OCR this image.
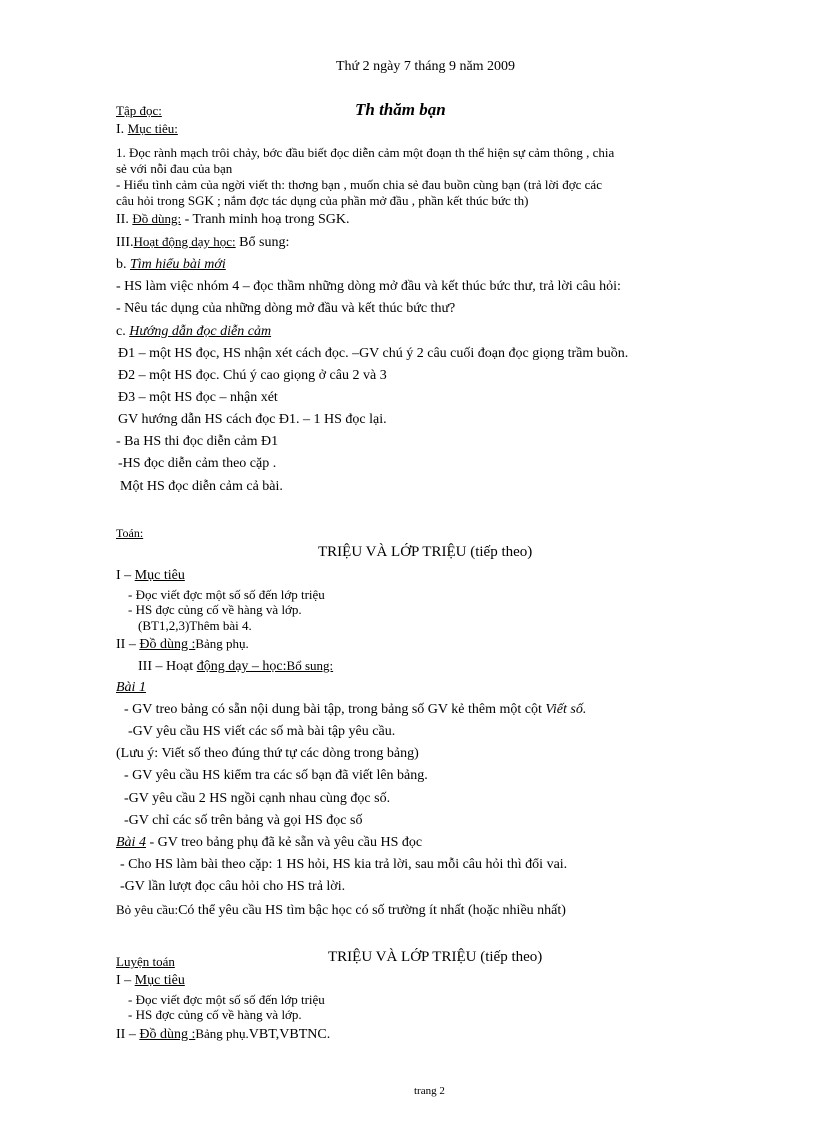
Thứ 2 ngày 7 tháng 9 năm 2009
Tập đọc:	Th thăm bạn
I. Mục tiêu:
1. Đọc rành mạch trôi chảy, bớc đầu biết đọc diễn cảm một đoạn th thể hiện sự cảm thông , chia
sẻ với nỗi đau của bạn
- Hiểu tình cảm của ngời viết th: thơng bạn , muốn chia sẻ đau buồn cùng bạn (trả lời đợc các
câu hỏi trong SGK ; nắm đợc tác dụng của phần mở đầu , phần kết thúc bức th)
II. Đồ dùng: - Tranh minh hoạ trong SGK.
III.Hoạt động dạy học: Bổ sung:
b. Tìm hiểu bài mới
- HS làm việc nhóm 4 – đọc thầm những dòng mở đầu và kết thúc bức thư, trả lời câu hỏi:
- Nêu tác dụng của những dòng mở đầu và kết thúc bức thư?
c. Hướng dẫn đọc diễn cảm
Đ1 – một HS đọc, HS nhận xét cách đọc. –GV chú ý 2 câu cuối đoạn đọc giọng trầm buồn.
Đ2 – một HS đọc. Chú ý cao giọng ở câu 2 và 3
Đ3 – một HS đọc – nhận xét
GV hướng dẫn HS cách đọc Đ1. – 1 HS đọc lại.
- Ba HS thi đọc diễn cảm Đ1
-HS đọc diễn cảm theo cặp .
Một HS đọc diễn cảm cả bài.
Toán:
TRIỆU VÀ LỚP TRIỆU (tiếp theo)
I – Mục tiêu
- Đọc viết đợc một số số đến lớp triệu
- HS đợc củng cố về hàng và lớp.
(BT1,2,3)Thêm bài 4.
II – Đồ dùng :Bảng phụ.
III – Hoạt động dạy – học:Bổ sung:
Bài 1
- GV treo bảng có sẵn nội dung bài tập, trong bảng số GV kẻ thêm một cột Viết số.
-GV yêu cầu HS viết các số mà bài tập yêu cầu.
(Lưu ý: Viết số theo đúng thứ tự các dòng trong bảng)
- GV yêu cầu HS kiểm tra các số bạn đã viết lên bảng.
-GV yêu cầu 2 HS ngồi cạnh nhau cùng đọc số.
-GV chỉ các số trên bảng và gọi HS đọc số
Bài 4 - GV treo bảng phụ đã kẻ sẵn và yêu cầu HS đọc
- Cho HS làm bài theo cặp: 1 HS hỏi, HS kia trả lời, sau mỗi câu hỏi thì đổi vai.
-GV lần lượt đọc câu hỏi cho HS trả lời.
Bỏ yêu cầu:Có thể yêu cầu HS tìm bậc học có số trường ít nhất (hoặc nhiều nhất)
Luyện toán	TRIỆU VÀ LỚP TRIỆU (tiếp theo)
I – Mục tiêu
- Đọc viết đợc một số số đến lớp triệu
- HS đợc củng cố về hàng và lớp.
II – Đồ dùng :Bảng phụ.VBT,VBTNC.
trang 2
